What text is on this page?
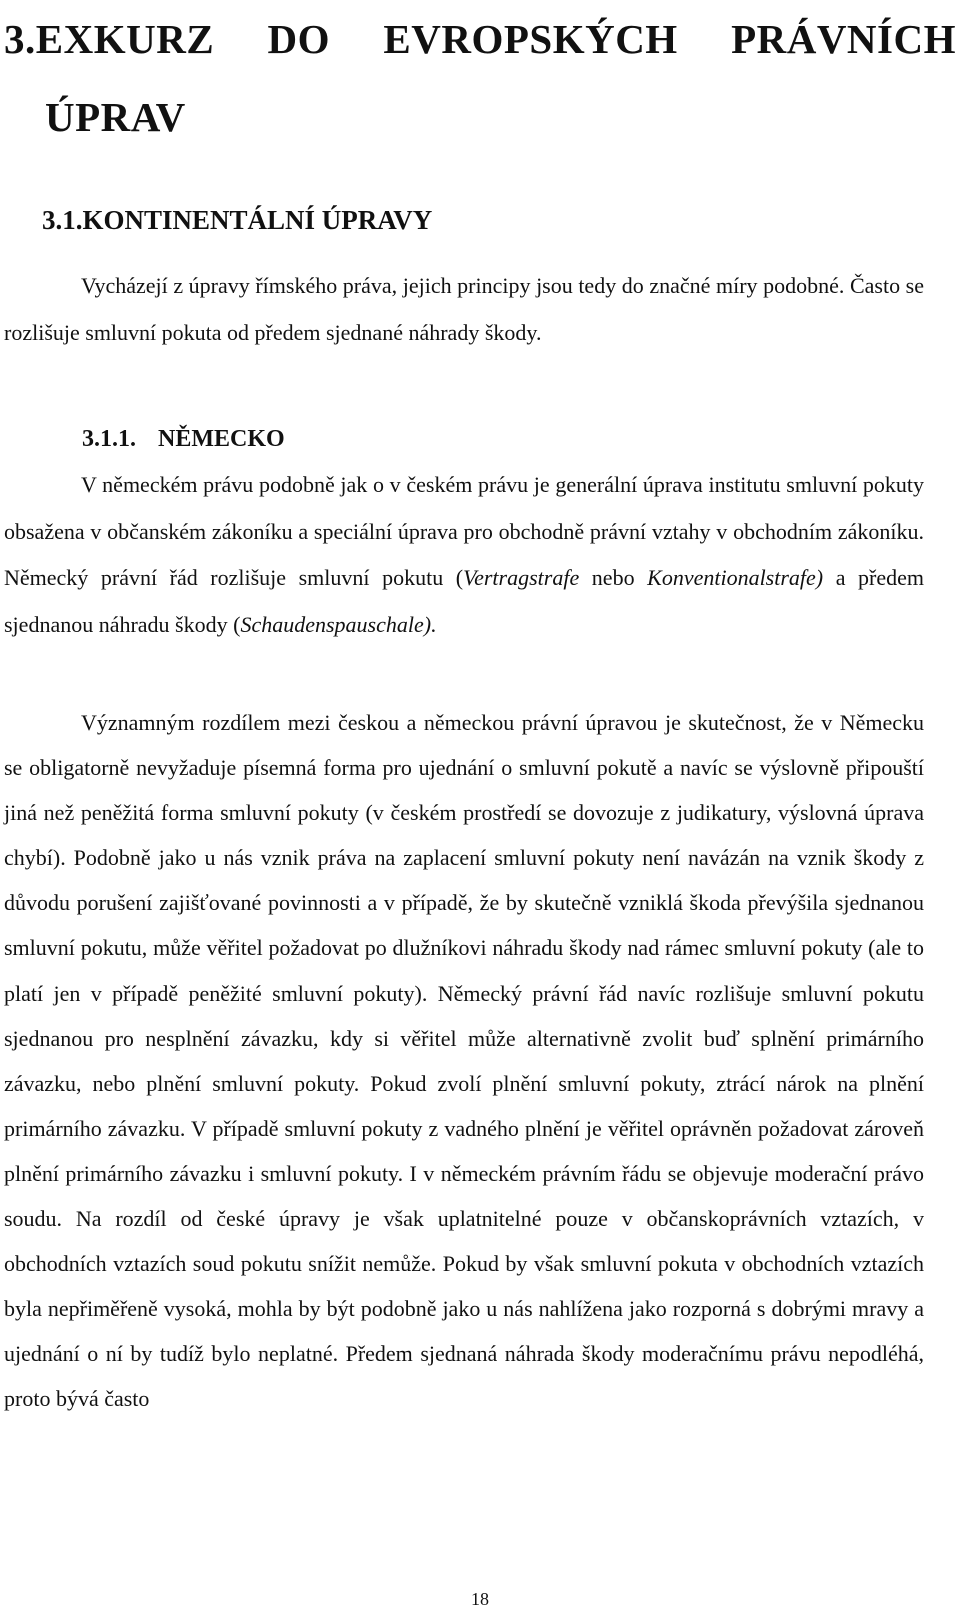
3.EXKURZ DO EVROPSKÝCH PRÁVNÍCH
ÚPRAV
3.1.KONTINENTÁLNÍ ÚPRAVY

Vycházejí z úpravy římského práva, jejich principy jsou tedy do značné míry podobné. Často se rozlišuje smluvní pokuta od předem sjednané náhrady škody.

3.1.1. NĚMECKO

V německém právu podobně jak o v českém právu je generální úprava institutu smluvní pokuty obsažena v občanském zákoníku a speciální úprava pro obchodně právní vztahy v obchodním zákoníku. Německý právní řád rozlišuje smluvní pokutu (Vertragstrafe nebo Konventionalstrafe) a předem sjednanou náhradu škody (Schaudenspauschale).

Významným rozdílem mezi českou a německou právní úpravou je skutečnost, že v Německu se obligatorně nevyžaduje písemná forma pro ujednání o smluvní pokutě a navíc se výslovně připouští jiná než peněžitá forma smluvní pokuty (v českém prostředí se dovozuje z judikatury, výslovná úprava chybí). Podobně jako u nás vznik práva na zaplacení smluvní pokuty není navázán na vznik škody z důvodu porušení zajišťované povinnosti a v případě, že by skutečně vzniklá škoda převýšila sjednanou smluvní pokutu, může věřitel požadovat po dlužníkovi náhradu škody nad rámec smluvní pokuty (ale to platí jen v případě peněžité smluvní pokuty). Německý právní řád navíc rozlišuje smluvní pokutu sjednanou pro nesplnění závazku, kdy si věřitel může alternativně zvolit buď splnění primárního závazku, nebo plnění smluvní pokuty. Pokud zvolí plnění smluvní pokuty, ztrácí nárok na plnění primárního závazku. V případě smluvní pokuty z vadného plnění je věřitel oprávněn požadovat zároveň plnění primárního závazku i smluvní pokuty. I v německém právním řádu se objevuje moderační právo soudu. Na rozdíl od české úpravy je však uplatnitelné pouze v občanskoprávních vztazích, v obchodních vztazích soud pokutu snížit nemůže. Pokud by však smluvní pokuta v obchodních vztazích byla nepřiměřeně vysoká, mohla by být podobně jako u nás nahlížena jako rozporná s dobrými mravy a ujednání o ní by tudíž bylo neplatné. Předem sjednaná náhrada škody moderačnímu právu nepodléhá, proto bývá často

18
